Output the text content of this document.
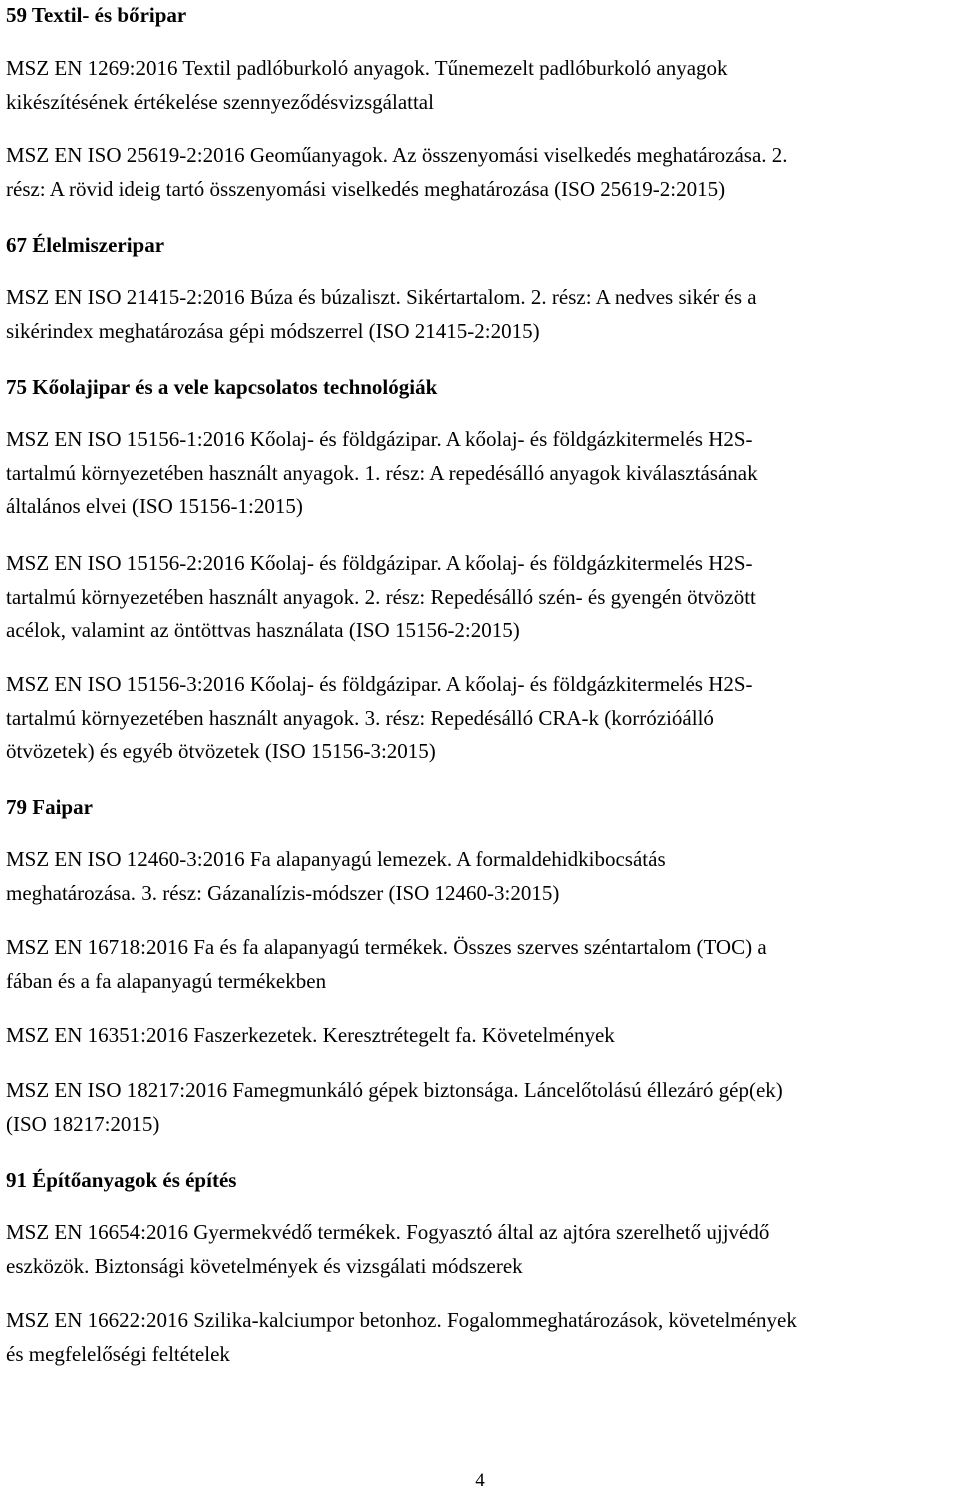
59 Textil- és bőripar
MSZ EN 1269:2016 Textil padlóburkoló anyagok. Tűnemezelt padlóburkoló anyagok
kikészítésének értékelése szennyeződésvizsgálattal
MSZ EN ISO 25619-2:2016 Geoműanyagok. Az összenyomási viselkedés meghatározása. 2.
rész: A rövid ideig tartó összenyomási viselkedés meghatározása (ISO 25619-2:2015)
67 Élelmiszeripar
MSZ EN ISO 21415-2:2016 Búza és búzaliszt. Sikértartalom. 2. rész: A nedves sikér és a
sikérindex meghatározása gépi módszerrel (ISO 21415-2:2015)
75 Kőolajipar és a vele kapcsolatos technológiák
MSZ EN ISO 15156-1:2016 Kőolaj- és földgázipar. A kőolaj- és földgázkitermelés H2S-
tartalmú környezetében használt anyagok. 1. rész: A repedésálló anyagok kiválasztásának
általános elvei (ISO 15156-1:2015)
MSZ EN ISO 15156-2:2016 Kőolaj- és földgázipar. A kőolaj- és földgázkitermelés H2S-
tartalmú környezetében használt anyagok. 2. rész: Repedésálló szén- és gyengén ötvözött
acélok, valamint az öntöttvas használata (ISO 15156-2:2015)
MSZ EN ISO 15156-3:2016 Kőolaj- és földgázipar. A kőolaj- és földgázkitermelés H2S-
tartalmú környezetében használt anyagok. 3. rész: Repedésálló CRA-k (korrózióálló
ötvözetek) és egyéb ötvözetek (ISO 15156-3:2015)
79 Faipar
MSZ EN ISO 12460-3:2016 Fa alapanyagú lemezek. A formaldehidkibocsátás
meghatározása. 3. rész: Gázanalízis-módszer (ISO 12460-3:2015)
MSZ EN 16718:2016 Fa és fa alapanyagú termékek. Összes szerves széntartalom (TOC) a
fában és a fa alapanyagú termékekben
MSZ EN 16351:2016 Faszerkezetek. Keresztrétegelt fa. Követelmények
MSZ EN ISO 18217:2016 Famegmunkáló gépek biztonsága. Láncelőtolású éllezáró gép(ek)
(ISO 18217:2015)
91 Építőanyagok és építés
MSZ EN 16654:2016 Gyermekvédő termékek. Fogyasztó által az ajtóra szerelhető ujjvédő
eszközök. Biztonsági követelmények és vizsgálati módszerek
MSZ EN 16622:2016 Szilika-kalciumpor betonhoz. Fogalommeghatározások, követelmények
és megfelelőségi feltételek
4
